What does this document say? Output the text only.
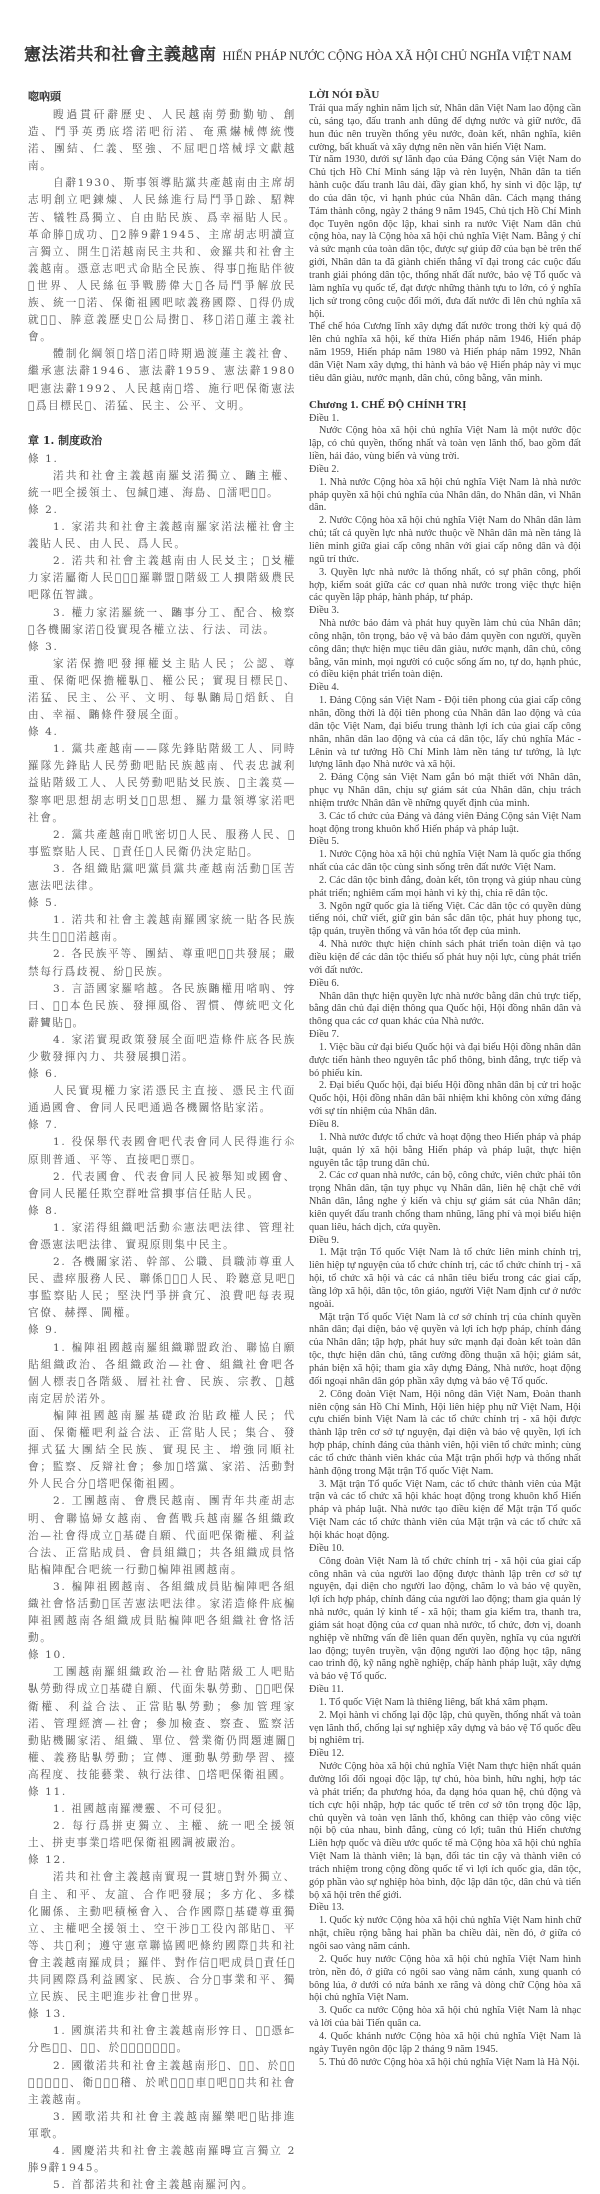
憲法渃共和社會主義越南 HIẾN PHÁP NƯỚC CỘNG HÒA XÃ HỘI CHỦ NGHĨA VIỆT NAM
唿吶頭

瞍過貫矸辭歷史、人民越南勞動勤劬、創造、鬥爭英勇底㙮渃吧衍渃、奄熏爀械傳統愯渃、團結、仁義、堅強、不屈吧𡏦㙮械垺文獻越南。

自辭1930、斯事領導貼黨共產越南由主席胡志明創立吧鍊煉、人民絲進行局鬥爭𣾶䟻、駋粺苦、犠牲爲獨立、自由貼民族、爲幸福貼人民。革命䏾𣈜成功、𣈜2䏾9辭1945、主席胡志明讀宣言獨立、開生𣎏渃越南民主共和、僉羅共和社會主義越南。憑意志吧式命貼全民族、得事𢻆拖貼伴彼𨖅世界、人民絲㐌爭戰勝偉大𣈙各局鬥爭解放民族、統一𡐙渃、保衛祖國吧𠲖義務國際、𨁡得仍成就𧵑𢧚、䏾意義歷史𣈙公局𢷮𣛭、移𡐙渃𧗱蓮主義社會。

體制化綱領𡏦㙮𡐙渃𣈙時期過渡蓮主義社會、繼承憲法辭1946、憲法辭1959、憲法辭1980吧憲法辭1992、人民越南𡏦㙮、施行吧保衛憲法𠻀爲目標民𩈘、渃猛、民主、公平、文明。

章 1. 制度政治
條 1.

渃共和社會主義越南羅𠬠渃獨立、𣎏主權、統一吧全援領土、包緘𡐙連、海島、𤂬㵢吧𤂬𡗶。

條 2.

1. 家渃共和社會主義越南羅家渃法權社會主義貼人民、由人民、爲人民。

2. 渃共和社會主義越南由人民𠬠主；𪥘𠬠權力家渃屬衛人民𪦆𡐙𡏧羅聯盟𣈙階級工人𢭲階級農民吧隊伍智識。

3. 權力家渃羅統一、𣎏事分工、配合、檢察𣈙各機關家渃𣈙役實現各權立法、行法、司法。

條 3.

家渃保擔吧發揮權𠬠主貼人民；公認、尊重、保衛吧保擔權𠊛𠊚、權公民；實現目標民𩈘、渃猛、民主、公平、文明、每𠊛𣎏局𤯩熖飫、自由、幸福、𣎏條件發展全面。

條 4.

1. 黨共產越南——隊先鋒貼階級工人、同時羅隊先鋒貼人民勞動吧貼民族越南、代表忠誠利益貼階級工人、人民勞動吧貼𠬠民族、𥙩主義莫—黎寧吧思想胡志明𠬠𡐙𡏧思想、羅力量領導家渃吧社會。

2. 黨共產越南𠾕𠰺密切𢭲人民、服務人民、𤂬事監察貼人民、𤂬責任𧗱人民衛仍決定貼𨉟。

3. 各組織貼黨吧黨員黨共產越南活動𣈙匡苦憲法吧法律。

條 5.

1. 渃共和社會主義越南羅國家統一貼各民族共生𤯩𨕭𡐙渃越南。

2. 各民族平等、團結、尊重吧𢴑𦛌共發展；嚴禁每行爲歧視、紛𢺺民族。

3. 言語國家羅㗂越。各民族𣎏權用㗂吶、𡨸曰、𡨹𠸥本色民族、發揮風俗、習慣、傳統吧文化辭𡤓貼𨉟。

4. 家渃實現政策發展全面吧造條件底各民族少數發揮內力、共發展𢭲𡐙渃。

條 6.

人民實現權力家渃憑民主直接、憑民主代面通過國會、會同人民吧通過各機關恪貼家渃。

條 7.

1. 役保舉代表國會吧代表會同人民得進行𠇍原則普通、平等、直接吧𢴑票𥋳。

2. 代表國會、代表會同人民被舉知或國會、會同人民罷任欺空群𠱊當𢭲事信任貼人民。

條 8.

1. 家渃得組織吧活動𠇍憲法吧法律、管理社會憑憲法吧法律、實現原則集中民主。

2. 各機關家渃、幹部、公職、員職沛尊重人民、盡瘁服務人民、聯係𦀊𦀊𢭲人民、聆聽意見吧𤂬事監察貼人民；堅決鬥爭拼貪冗、浪費吧每表現官僚、赫擇、閫權。

條 9.

1. 楄陣祖國越南羅組織聯盟政治、聯協自願貼組織政治、各組織政治—社會、組織社會吧各個人標表𣈙各階級、層社社會、民族、宗教、𠊛越南定居於渃外。

楄陣祖國越南羅基礎政治貼政權人民；代面、保衛權吧利益合法、正當貼人民；集合、發揮式猛大團結全民族、實現民主、增強同順社會；監察、反辯社會；參加𡏦㙮黨、家渃、活動對外人民合分𡏦㙮吧保衛祖國。

2. 工團越南、會農民越南、團青年共產胡志明、會聯協婦女越南、會舊戰兵越南羅各組織政治—社會得成立𨕭基礎自願、代面吧保衛權、利益合法、正當貼成員、會員組織𨉟；共各組織成員恪貼楄陣配合吧統一行動𣈙楄陣祖國越南。

3. 楄陣祖國越南、各組織成員貼楄陣吧各組織社會恪活動𣈙匡苦憲法吧法律。家渃造條件底楄陣祖國越南各組織成員貼楄陣吧各組織社會恪活動。

條 10.

工團越南羅組織政治—社會貼階級工人吧貼𠊛勞動得成立𨕭基礎自願、代面朱𠊛勞動、𢚸𢚸吧保衛權、利益合法、正當貼𠊛勞動；參加管理家渃、管理經濟—社會；參加檢查、察查、監察活動貼機關家渃、組織、單位、營業衛仍問題連關𦤾權、義務貼𠊛勞動；宣傳、運動𠊛勞動學習、擡高程度、技能藝業、執行法律、𡏦㙮吧保衛祖國。

條 11.

1. 祖國越南羅𤅶靈、不可侵犯。

2. 每行爲拼吏獨立、主權、統一吧全援領土、拼吏事業𡏦㙮吧保衛祖國調被嚴治。

條 12.

渃共和社會主義越南實現一貫塘𨁦對外獨立、自主、和平、友誼、合作吧發展；多方化、多樣化關係、主動吧積極會入、合作國際𨕭基礎尊重獨立、主權吧全援領土、空干涉𠅍工役內部貼𦛌、平等、共𣎏利；遵守憲章聯協國吧條約國際𪦆共和社會主義越南羅成員；羅伴、對作信𢜝吧成員𣎏責任𣈙共同國際爲利益國家、民族、合分𠅍事業和平、獨立民族、民主吧進步社會𨕭世界。

條 13.

1. 國旗渃共和社會主義越南形𡨸日、𡗶𨱽憑𠄩分𠀧𡗶𨱽、𡐙𧺃、於𣈙𣎏𩈘𩈘𬆄𢆥𢆥。

2. 國徽渃共和社會主義越南形𡓮、𡐙𧺃、於𣈙𣎏𩈘𩈘𬆄𢆥𢆥、衛𨖅𣎏𦲱稽、於𠰺𣎏𡛤𡖡車𨆢吧𣳔𡨸共和社會主義越南。

3. 國歌渃共和社會主義越南羅樂吧𠳒貼排進軍歌。

4. 國慶渃共和社會主義越南羅𣈜宣言獨立 2䏾9辭1945。

5. 首都渃共和社會主義越南羅河內。

LỜI NÓI ĐẦU

Trải qua mấy nghìn năm lịch sử, Nhân dân Việt Nam lao động cần cù, sáng tạo, đấu tranh anh dũng để dựng nước và giữ nước, đã hun đúc nên truyền thống yêu nước, đoàn kết, nhân nghĩa, kiên cường, bất khuất và xây dựng nên nền văn hiến Việt Nam.

Từ năm 1930, dưới sự lãnh đạo của Đảng Cộng sản Việt Nam do Chủ tịch Hồ Chí Minh sáng lập và rèn luyện, Nhân dân ta tiến hành cuộc đấu tranh lâu dài, đầy gian khổ, hy sinh vì độc lập, tự do của dân tộc, vì hạnh phúc của Nhân dân. Cách mạng tháng Tám thành công, ngày 2 tháng 9 năm 1945, Chủ tịch Hồ Chí Minh đọc Tuyên ngôn độc lập, khai sinh ra nước Việt Nam dân chủ cộng hòa, nay là Cộng hòa xã hội chủ nghĩa Việt Nam. Bằng ý chí và sức mạnh của toàn dân tộc, được sự giúp đỡ của bạn bè trên thế giới, Nhân dân ta đã giành chiến thắng vĩ đại trong các cuộc đấu tranh giải phóng dân tộc, thống nhất đất nước, bảo vệ Tổ quốc và làm nghĩa vụ quốc tế, đạt được những thành tựu to lớn, có ý nghĩa lịch sử trong công cuộc đổi mới, đưa đất nước đi lên chủ nghĩa xã hội.

Thể chế hóa Cương lĩnh xây dựng đất nước trong thời kỳ quá độ lên chủ nghĩa xã hội, kế thừa Hiến pháp năm 1946, Hiến pháp năm 1959, Hiến pháp năm 1980 và Hiến pháp năm 1992, Nhân dân Việt Nam xây dựng, thi hành và bảo vệ Hiến pháp này vì mục tiêu dân giàu, nước mạnh, dân chủ, công bằng, văn minh.

Chương 1. CHẾ ĐỘ CHÍNH TRỊ
Điều 1.

Nước Cộng hòa xã hội chủ nghĩa Việt Nam là một nước độc lập, có chủ quyền, thống nhất và toàn vẹn lãnh thổ, bao gồm đất liền, hải đảo, vùng biển và vùng trời.

Điều 2.

1. Nhà nước Cộng hòa xã hội chủ nghĩa Việt Nam là nhà nước pháp quyền xã hội chủ nghĩa của Nhân dân, do Nhân dân, vì Nhân dân.

2. Nước Cộng hòa xã hội chủ nghĩa Việt Nam do Nhân dân làm chủ; tất cả quyền lực nhà nước thuộc về Nhân dân mà nền tảng là liên minh giữa giai cấp công nhân với giai cấp nông dân và đội ngũ trí thức.

3. Quyền lực nhà nước là thống nhất, có sự phân công, phối hợp, kiểm soát giữa các cơ quan nhà nước trong việc thực hiện các quyền lập pháp, hành pháp, tư pháp.

Điều 3.

Nhà nước bảo đảm và phát huy quyền làm chủ của Nhân dân; công nhận, tôn trọng, bảo vệ và bảo đảm quyền con người, quyền công dân; thực hiện mục tiêu dân giàu, nước mạnh, dân chủ, công bằng, văn minh, mọi người có cuộc sống ấm no, tự do, hạnh phúc, có điều kiện phát triển toàn diện.

Điều 4.

1. Đảng Cộng sản Việt Nam - Đội tiên phong của giai cấp công nhân, đồng thời là đội tiên phong của Nhân dân lao động và của dân tộc Việt Nam, đại biểu trung thành lợi ích của giai cấp công nhân, nhân dân lao động và của cả dân tộc, lấy chủ nghĩa Mác - Lênin và tư tưởng Hồ Chí Minh làm nền tảng tư tưởng, là lực lượng lãnh đạo Nhà nước và xã hội.

2. Đảng Cộng sản Việt Nam gắn bó mật thiết với Nhân dân, phục vụ Nhân dân, chịu sự giám sát của Nhân dân, chịu trách nhiệm trước Nhân dân về những quyết định của mình.

3. Các tổ chức của Đảng và đảng viên Đảng Cộng sản Việt Nam hoạt động trong khuôn khổ Hiến pháp và pháp luật.

Điều 5.

1. Nước Cộng hòa xã hội chủ nghĩa Việt Nam là quốc gia thống nhất của các dân tộc cùng sinh sống trên đất nước Việt Nam.

2. Các dân tộc bình đẳng, đoàn kết, tôn trọng và giúp nhau cùng phát triển; nghiêm cấm mọi hành vi kỳ thị, chia rẽ dân tộc.

3. Ngôn ngữ quốc gia là tiếng Việt. Các dân tộc có quyền dùng tiếng nói, chữ viết, giữ gìn bản sắc dân tộc, phát huy phong tục, tập quán, truyền thống và văn hóa tốt đẹp của mình.

4. Nhà nước thực hiện chính sách phát triển toàn diện và tạo điều kiện để các dân tộc thiểu số phát huy nội lực, cùng phát triển với đất nước.

Điều 6.

Nhân dân thực hiện quyền lực nhà nước bằng dân chủ trực tiếp, bằng dân chủ đại diện thông qua Quốc hội, Hội đồng nhân dân và thông qua các cơ quan khác của Nhà nước.

Điều 7.

1. Việc bầu cử đại biểu Quốc hội và đại biểu Hội đồng nhân dân được tiến hành theo nguyên tắc phổ thông, bình đẳng, trực tiếp và bỏ phiếu kín.

2. Đại biểu Quốc hội, đại biểu Hội đồng nhân dân bị cử tri hoặc Quốc hội, Hội đồng nhân dân bãi nhiệm khi không còn xứng đáng với sự tín nhiệm của Nhân dân.

Điều 8.

1. Nhà nước được tổ chức và hoạt động theo Hiến pháp và pháp luật, quản lý xã hội bằng Hiến pháp và pháp luật, thực hiện nguyên tắc tập trung dân chủ.

2. Các cơ quan nhà nước, cán bộ, công chức, viên chức phải tôn trọng Nhân dân, tận tụy phục vụ Nhân dân, liên hệ chặt chẽ với Nhân dân, lắng nghe ý kiến và chịu sự giám sát của Nhân dân; kiên quyết đấu tranh chống tham nhũng, lãng phí và mọi biểu hiện quan liêu, hách dịch, cửa quyền.

Điều 9.

1. Mặt trận Tổ quốc Việt Nam là tổ chức liên minh chính trị, liên hiệp tự nguyện của tổ chức chính trị, các tổ chức chính trị - xã hội, tổ chức xã hội và các cá nhân tiêu biểu trong các giai cấp, tầng lớp xã hội, dân tộc, tôn giáo, người Việt Nam định cư ở nước ngoài.

Mặt trận Tổ quốc Việt Nam là cơ sở chính trị của chính quyền nhân dân; đại diện, bảo vệ quyền và lợi ích hợp pháp, chính đáng của Nhân dân; tập hợp, phát huy sức mạnh đại đoàn kết toàn dân tộc, thực hiện dân chủ, tăng cường đồng thuận xã hội; giám sát, phản biện xã hội; tham gia xây dựng Đảng, Nhà nước, hoạt động đối ngoại nhân dân góp phần xây dựng và bảo vệ Tổ quốc.

2. Công đoàn Việt Nam, Hội nông dân Việt Nam, Đoàn thanh niên cộng sản Hồ Chí Minh, Hội liên hiệp phụ nữ Việt Nam, Hội cựu chiến binh Việt Nam là các tổ chức chính trị - xã hội được thành lập trên cơ sở tự nguyện, đại diện và bảo vệ quyền, lợi ích hợp pháp, chính đáng của thành viên, hội viên tổ chức mình; cùng các tổ chức thành viên khác của Mặt trận phối hợp và thống nhất hành động trong Mặt trận Tổ quốc Việt Nam.

3. Mặt trận Tổ quốc Việt Nam, các tổ chức thành viên của Mặt trận và các tổ chức xã hội khác hoạt động trong khuôn khổ Hiến pháp và pháp luật. Nhà nước tạo điều kiện để Mặt trận Tổ quốc Việt Nam các tổ chức thành viên của Mặt trận và các tổ chức xã hội khác hoạt động.

Điều 10.

Công đoàn Việt Nam là tổ chức chính trị - xã hội của giai cấp công nhân và của người lao động được thành lập trên cơ sở tự nguyện, đại diện cho người lao động, chăm lo và bảo vệ quyền, lợi ích hợp pháp, chính đáng của người lao động; tham gia quản lý nhà nước, quản lý kinh tế - xã hội; tham gia kiểm tra, thanh tra, giám sát hoạt động của cơ quan nhà nước, tổ chức, đơn vị, doanh nghiệp về những vấn đề liên quan đến quyền, nghĩa vụ của người lao động; tuyên truyền, vận động người lao động học tập, nâng cao trình độ, kỹ năng nghề nghiệp, chấp hành pháp luật, xây dựng và bảo vệ Tổ quốc.

Điều 11.

1. Tổ quốc Việt Nam là thiêng liêng, bất khả xâm phạm.

2. Mọi hành vi chống lại độc lập, chủ quyền, thống nhất và toàn vẹn lãnh thổ, chống lại sự nghiệp xây dựng và bảo vệ Tổ quốc đều bị nghiêm trị.

Điều 12.

Nước Cộng hòa xã hội chủ nghĩa Việt Nam thực hiện nhất quán đường lối đối ngoại độc lập, tự chủ, hòa bình, hữu nghị, hợp tác và phát triển; đa phương hóa, đa dạng hóa quan hệ, chủ động và tích cực hội nhập, hợp tác quốc tế trên cơ sở tôn trọng độc lập, chủ quyền và toàn vẹn lãnh thổ, không can thiệp vào công việc nội bộ của nhau, bình đẳng, cùng có lợi; tuân thủ Hiến chương Liên hợp quốc và điều ước quốc tế mà Cộng hòa xã hội chủ nghĩa Việt Nam là thành viên; là bạn, đối tác tin cậy và thành viên có trách nhiệm trong cộng đồng quốc tế vì lợi ích quốc gia, dân tộc, góp phần vào sự nghiệp hòa bình, độc lập dân tộc, dân chủ và tiến bộ xã hội trên thế giới.

Điều 13.

1. Quốc kỳ nước Cộng hòa xã hội chủ nghĩa Việt Nam hình chữ nhật, chiều rộng bằng hai phần ba chiều dài, nền đỏ, ở giữa có ngôi sao vàng năm cánh.

2. Quốc huy nước Cộng hòa xã hội chủ nghĩa Việt Nam hình tròn, nền đỏ, ở giữa có ngôi sao vàng năm cánh, xung quanh có bông lúa, ở dưới có nửa bánh xe răng và dòng chữ Cộng hòa xã hội chủ nghĩa Việt Nam.

3. Quốc ca nước Cộng hòa xã hội chủ nghĩa Việt Nam là nhạc và lời của bài Tiến quân ca.

4. Quốc khánh nước Cộng hòa xã hội chủ nghĩa Việt Nam là ngày Tuyên ngôn độc lập 2 tháng 9 năm 1945.

5. Thủ đô nước Cộng hòa xã hội chủ nghĩa Việt Nam là Hà Nội.
